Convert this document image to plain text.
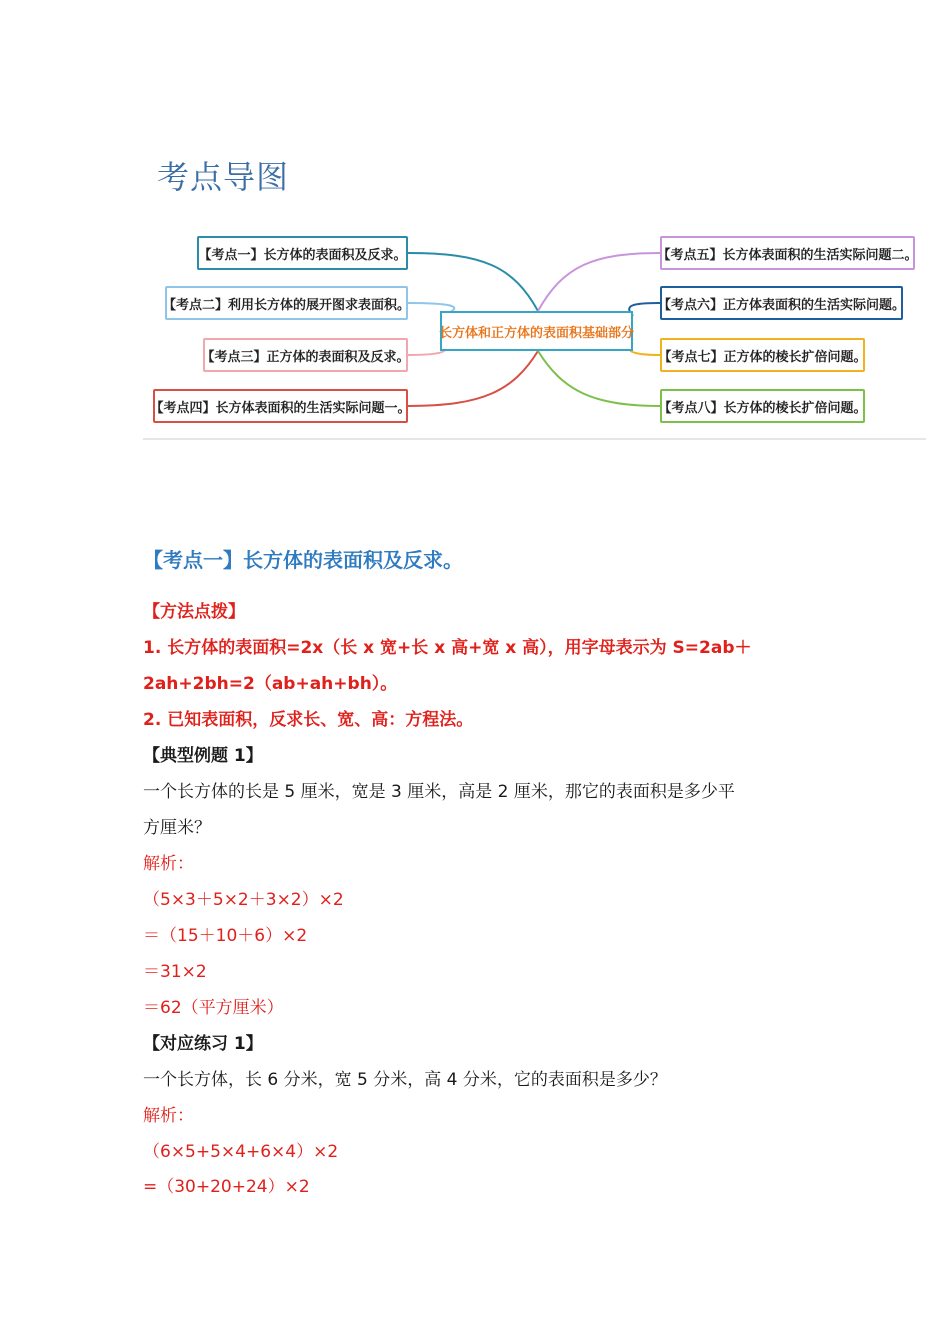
考点导图
【考点一】长方体的表面积及反求。
【考点二】利用长方体的展开图求表面积。
【考点三】正方体的表面积及反求。
【考点四】长方体表面积的生活实际问题一。
长方体和正方体的表面积基础部分
【考点五】长方体表面积的生活实际问题二。
【考点六】正方体表面积的生活实际问题。
【考点七】正方体的棱长扩倍问题。
【考点八】长方体的棱长扩倍问题。
【考点一】长方体的表面积及反求。
【方法点拨】
1. 长方体的表面积=2x（长 x 宽+长 x 高+宽 x 高），用字母表示为 S=2ab＋
2ah+2bh=2（ab+ah+bh）。
2. 已知表面积，反求长、宽、高：方程法。
【典型例题 1】
一个长方体的长是 5 厘米，宽是 3 厘米，高是 2 厘米，那它的表面积是多少平
方厘米？
解析：
（5×3＋5×2＋3×2）×2
＝（15＋10＋6）×2
＝31×2
＝62（平方厘米）
【对应练习 1】
一个长方体，长 6 分米，宽 5 分米，高 4 分米，它的表面积是多少？
解析：
（6×5+5×4+6×4）×2
=（30+20+24）×2
